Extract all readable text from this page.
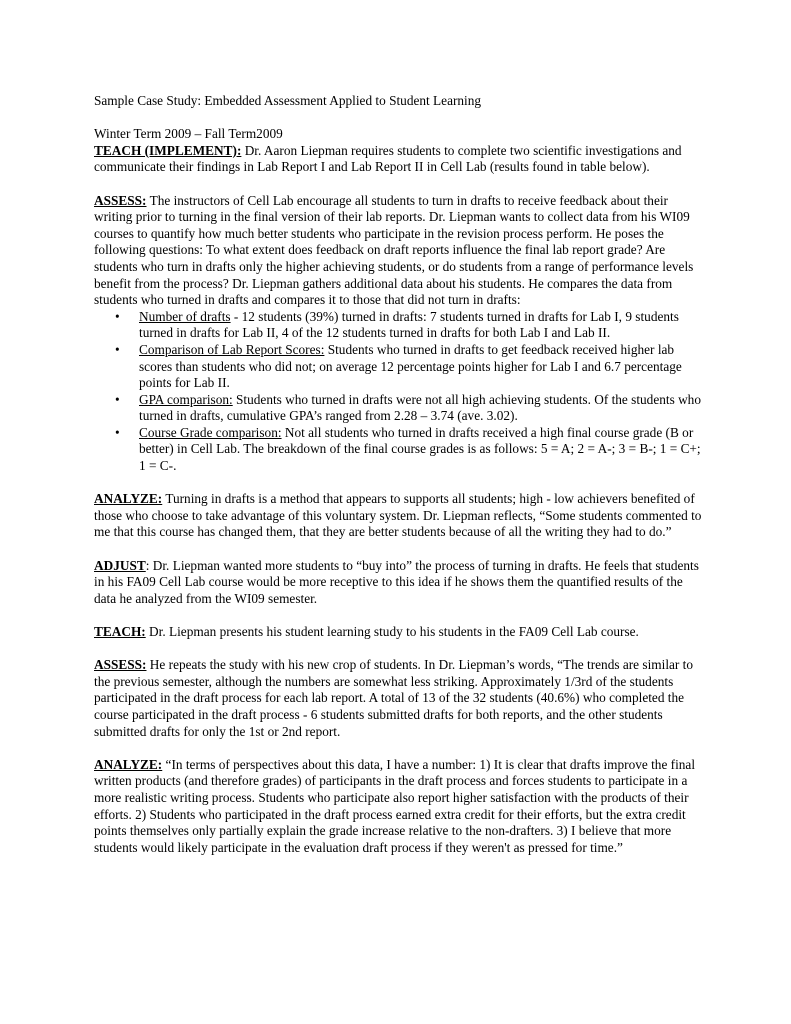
Sample Case Study: Embedded Assessment Applied to Student Learning

Winter Term 2009 – Fall Term2009

TEACH (IMPLEMENT): Dr. Aaron Liepman requires students to complete two scientific investigations and communicate their findings in Lab Report I and Lab Report II in Cell Lab (results found in table below).

ASSESS: The instructors of Cell Lab encourage all students to turn in drafts to receive feedback about their writing prior to turning in the final version of their lab reports. Dr. Liepman wants to collect data from his WI09 courses to quantify how much better students who participate in the revision process perform. He poses the following questions: To what extent does feedback on draft reports influence the final lab report grade? Are students who turn in drafts only the higher achieving students, or do students from a range of performance levels benefit from the process? Dr. Liepman gathers additional data about his students. He compares the data from students who turned in drafts and compares it to those that did not turn in drafts:

• Number of drafts - 12 students (39%) turned in drafts: 7 students turned in drafts for Lab I, 9 students turned in drafts for Lab II, 4 of the 12 students turned in drafts for both Lab I and Lab II.
• Comparison of Lab Report Scores: Students who turned in drafts to get feedback received higher lab scores than students who did not; on average 12 percentage points higher for Lab I and 6.7 percentage points for Lab II.
• GPA comparison: Students who turned in drafts were not all high achieving students. Of the students who turned in drafts, cumulative GPA’s ranged from 2.28 – 3.74 (ave. 3.02).
• Course Grade comparison: Not all students who turned in drafts received a high final course grade (B or better) in Cell Lab. The breakdown of the final course grades is as follows: 5 = A; 2 = A-; 3 = B-; 1 = C+; 1 = C-.

ANALYZE: Turning in drafts is a method that appears to supports all students; high - low achievers benefited of those who choose to take advantage of this voluntary system. Dr. Liepman reflects, “Some students commented to me that this course has changed them, that they are better students because of all the writing they had to do.”

ADJUST: Dr. Liepman wanted more students to “buy into” the process of turning in drafts. He feels that students in his FA09 Cell Lab course would be more receptive to this idea if he shows them the quantified results of the data he analyzed from the WI09 semester.

TEACH: Dr. Liepman presents his student learning study to his students in the FA09 Cell Lab course.

ASSESS: He repeats the study with his new crop of students. In Dr. Liepman’s words, “The trends are similar to the previous semester, although the numbers are somewhat less striking. Approximately 1/3rd of the students participated in the draft process for each lab report. A total of 13 of the 32 students (40.6%) who completed the course participated in the draft process - 6 students submitted drafts for both reports, and the other students submitted drafts for only the 1st or 2nd report.

ANALYZE: “In terms of perspectives about this data, I have a number: 1) It is clear that drafts improve the final written products (and therefore grades) of participants in the draft process and forces students to participate in a more realistic writing process. Students who participate also report higher satisfaction with the products of their efforts. 2) Students who participated in the draft process earned extra credit for their efforts, but the extra credit points themselves only partially explain the grade increase relative to the non-drafters. 3) I believe that more students would likely participate in the evaluation draft process if they weren't as pressed for time.”
